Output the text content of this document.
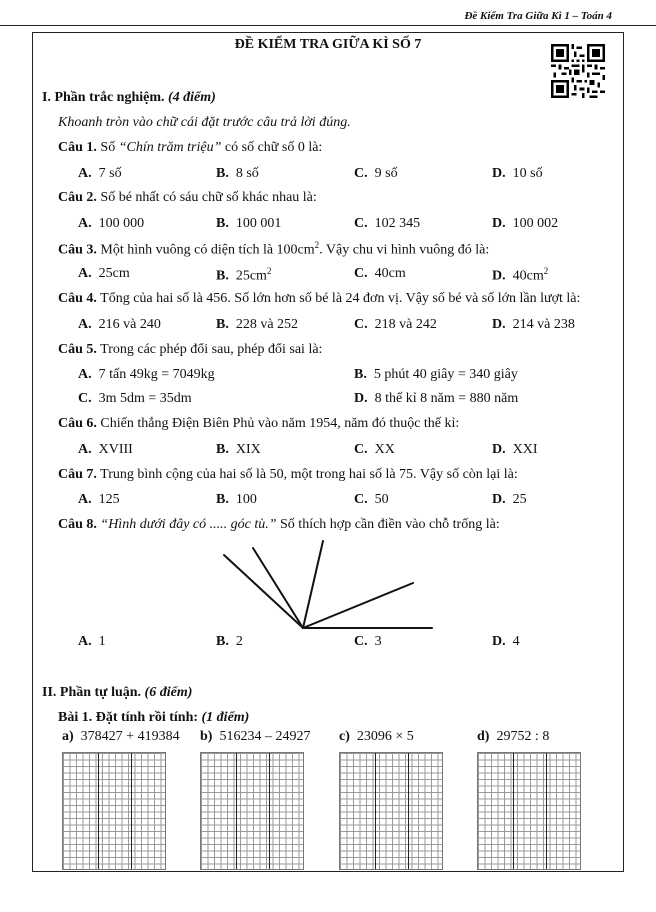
Đề Kiểm Tra Giữa Kì 1 – Toán 4
ĐỀ KIỂM TRA GIỮA KÌ SỐ 7
I. Phần trắc nghiệm. (4 điểm)
Khoanh tròn vào chữ cái đặt trước câu trả lời đúng.
Câu 1. Số “Chín trăm triệu” có số chữ số 0 là:
A. 7 số	B. 8 số	C. 9 số	D. 10 số
Câu 2. Số bé nhất có sáu chữ số khác nhau là:
A. 100 000	B. 100 001	C. 102 345	D. 100 002
Câu 3. Một hình vuông có diện tích là $100cm^2$. Vậy chu vi hình vuông đó là:
A. 25cm	B. $25cm^2$	C. 40cm	D. $40cm^2$
Câu 4. Tổng của hai số là 456. Số lớn hơn số bé là 24 đơn vị. Vậy số bé và số lớn lần lượt là:
A. 216 và 240	B. 228 và 252	C. 218 và 242	D. 214 và 238
Câu 5. Trong các phép đổi sau, phép đổi sai là:
A. 7 tấn 49kg = 7049kg	B. 5 phút 40 giây = 340 giây
C. 3m 5dm = 35dm	D. 8 thế kỉ 8 năm = 880 năm
Câu 6. Chiến thắng Điện Biên Phủ vào năm 1954, năm đó thuộc thế kỉ:
A. XVIII	B. XIX	C. XX	D. XXI
Câu 7. Trung bình cộng của hai số là 50, một trong hai số là 75. Vậy số còn lại là:
A. 125	B. 100	C. 50	D. 25
Câu 8. “Hình dưới đây có ..... góc tù.” Số thích hợp cần điền vào chỗ trống là:
A. 1	B. 2	C. 3	D. 4
II. Phần tự luận. (6 điểm)
Bài 1. Đặt tính rồi tính: (1 điểm)
a) 378427 + 419384 b) 516234 – 24927 c) 23096 × 5	d) 29752 : 8
